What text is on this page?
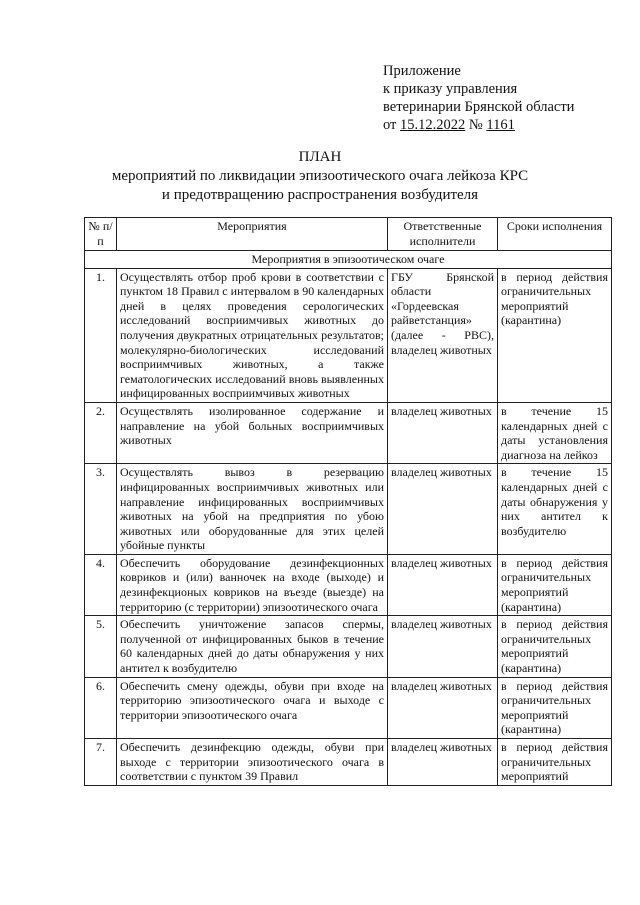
Приложение
к приказу управления
ветеринарии Брянской области
от 15.12.2022 № 1161
ПЛАН
мероприятий по ликвидации эпизоотического очага лейкоза КРС
и предотвращению распространения возбудителя
№ п/п	Мероприятия	Ответственные исполнители	Сроки исполнения
Мероприятия в эпизоотическом очаге			
1.	Осуществлять отбор проб крови в соответствии с пунктом 18 Правил с интервалом в 90 календарных дней в целях проведения серологических исследований восприимчивых животных до получения двукратных отрицательных результатов; молекулярно-биологических исследований восприимчивых животных, а также гематологических исследований вновь выявленных инфицированных восприимчивых животных	ГБУ Брянской области «Гордеевская райветстанция» (далее - РВС), владелец животных	в период действия ограничительных мероприятий (карантина)
2.	Осуществлять изолированное содержание и направление на убой больных восприимчивых животных	владелец животных	в течение 15 календарных дней с даты установления диагноза на лейкоз
3.	Осуществлять вывоз в резервацию инфицированных восприимчивых животных или направление инфицированных восприимчивых животных на убой на предприятия по убою животных или оборудованные для этих целей убойные пункты	владелец животных	в течение 15 календарных дней с даты обнаружения у них антител к возбудителю
4.	Обеспечить оборудование дезинфекционных ковриков и (или) ванночек на входе (выходе) и дезинфекционых ковриков на въезде (выезде) на территорию (с территории) эпизоотического очага	владелец животных	в период действия ограничительных мероприятий (карантина)
5.	Обеспечить уничтожение запасов спермы, полученной от инфицированных быков в течение 60 календарных дней до даты обнаружения у них антител к возбудителю	владелец животных	в период действия ограничительных мероприятий (карантина)
6.	Обеспечить смену одежды, обуви при входе на территорию эпизоотического очага и выходе с территории эпизоотического очага	владелец животных	в период действия ограничительных мероприятий (карантина)
7.	Обеспечить дезинфекцию одежды, обуви при выходе с территории эпизоотического очага в соответствии с пунктом 39 Правил	владелец животных	в период действия ограничительных мероприятий
